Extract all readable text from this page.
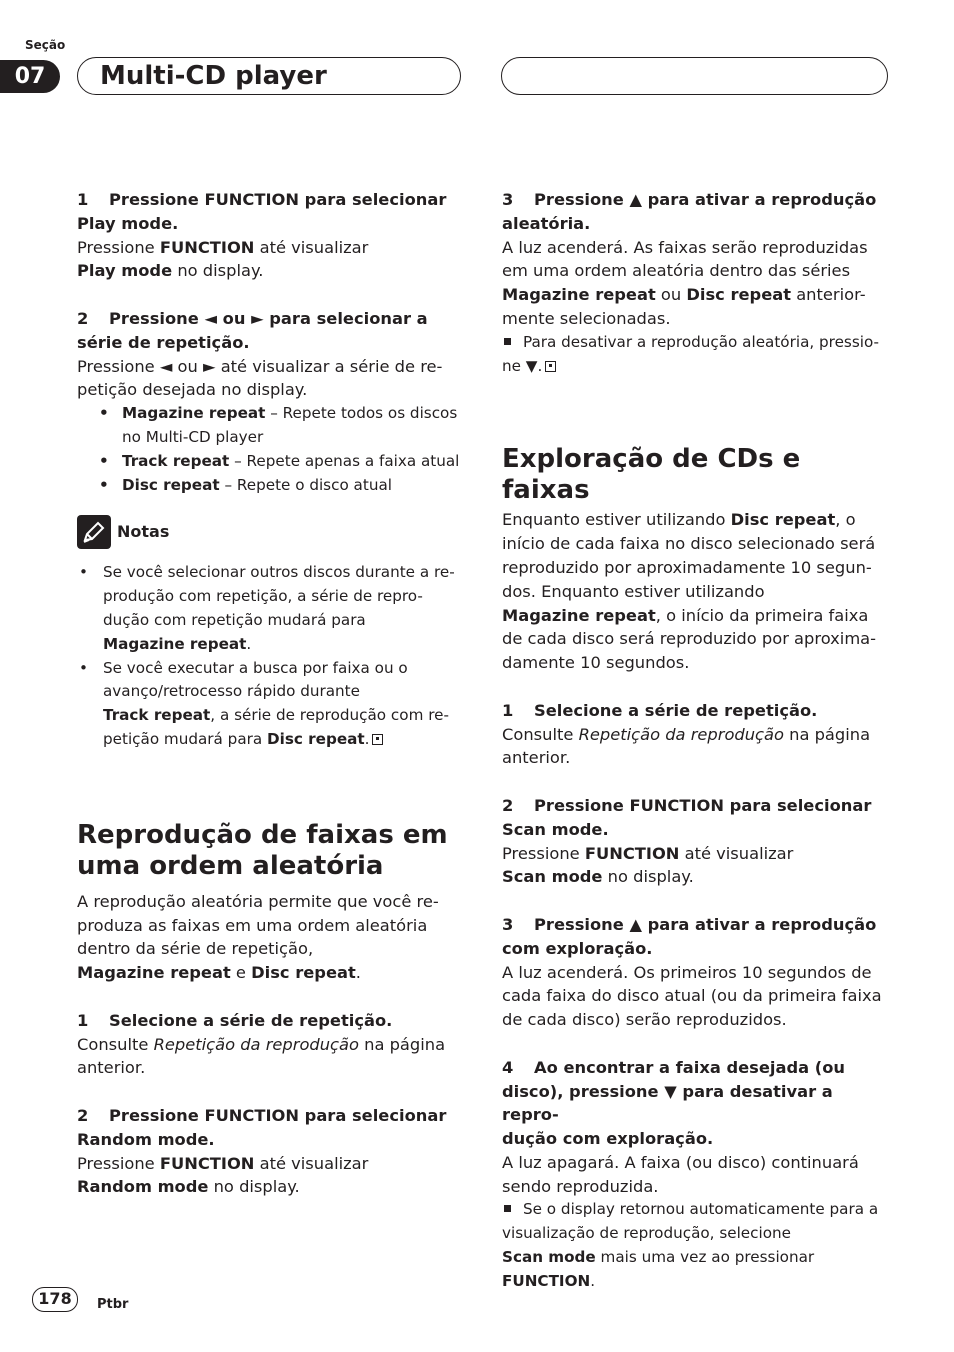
Seção
07	Multi-CD player

1 Pressione FUNCTION para selecionar

Play mode.

Pressione FUNCTION até visualizar

Play mode no display.

2 Pressione ◄ ou ► para selecionar a

série de repetição.

Pressione ◄ ou ► até visualizar a série de re-

petição desejada no display.

• Magazine repeat – Repete todos os discos
no Multi-CD player
• Track repeat – Repete apenas a faixa atual
• Disc repeat – Repete o disco atual
Notas
• Se você selecionar outros discos durante a re-
produção com repetição, a série de repro-
dução com repetição mudará para
Magazine repeat.
• Se você executar a busca por faixa ou o
avanço/retrocesso rápido durante
Track repeat, a série de reprodução com re-
petição mudará para Disc repeat.
Reprodução de faixas em
uma ordem aleatória

A reprodução aleatória permite que você re-

produza as faixas em uma ordem aleatória

dentro da série de repetição,

Magazine repeat e Disc repeat.

1 Selecione a série de repetição.

Consulte Repetição da reprodução na página

anterior.

2 Pressione FUNCTION para selecionar

Random mode.

Pressione FUNCTION até visualizar

Random mode no display.

3 Pressione ▲ para ativar a reprodução

aleatória.

A luz acenderá. As faixas serão reproduzidas

em uma ordem aleatória dentro das séries

Magazine repeat ou Disc repeat anterior-

mente selecionadas.

Para desativar a reprodução aleatória, pressio-

ne ▼.

Exploração de CDs e faixas

Enquanto estiver utilizando Disc repeat, o

início de cada faixa no disco selecionado será

reproduzido por aproximadamente 10 segun-

dos. Enquanto estiver utilizando

Magazine repeat, o início da primeira faixa

de cada disco será reproduzido por aproxima-

damente 10 segundos.

1 Selecione a série de repetição.

Consulte Repetição da reprodução na página

anterior.

2 Pressione FUNCTION para selecionar

Scan mode.

Pressione FUNCTION até visualizar

Scan mode no display.

3 Pressione ▲ para ativar a reprodução

com exploração.

A luz acenderá. Os primeiros 10 segundos de

cada faixa do disco atual (ou da primeira faixa

de cada disco) serão reproduzidos.

4 Ao encontrar a faixa desejada (ou

disco), pressione ▼ para desativar a repro-

dução com exploração.

A luz apagará. A faixa (ou disco) continuará

sendo reproduzida.

Se o display retornou automaticamente para a

visualização de reprodução, selecione

Scan mode mais uma vez ao pressionar

FUNCTION.

178	Ptbr
